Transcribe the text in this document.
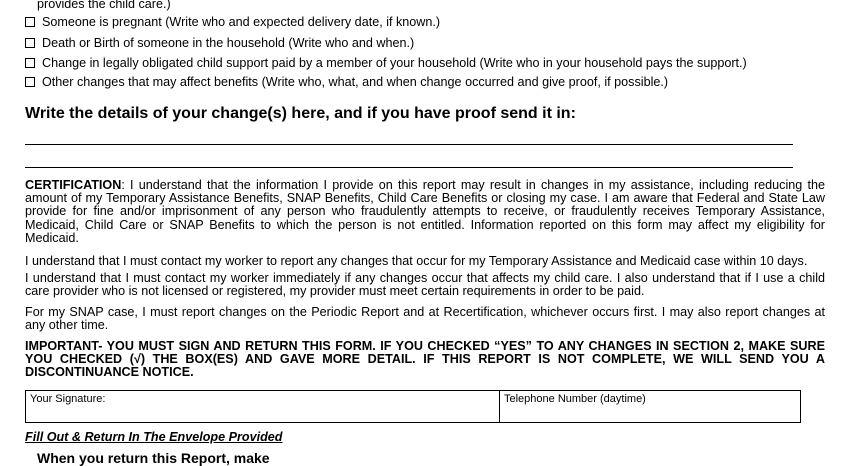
provides the child care.)
Someone is pregnant (Write who and expected delivery date, if known.)
Death or Birth of someone in the household (Write who and when.)
Change in legally obligated child support paid by a member of your household (Write who in your household pays the support.)
Other changes that may affect benefits (Write who, what, and when change occurred and give proof, if possible.)
Write the details of your change(s) here, and if you have proof send it in:
CERTIFICATION: I understand that the information I provide on this report may result in changes in my assistance, including reducing the amount of my Temporary Assistance Benefits, SNAP Benefits, Child Care Benefits or closing my case. I am aware that Federal and State Law provide for fine and/or imprisonment of any person who fraudulently attempts to receive, or fraudulently receives Temporary Assistance, Medicaid, Child Care or SNAP Benefits to which the person is not entitled. Information reported on this form may affect my eligibility for Medicaid.
I understand that I must contact my worker to report any changes that occur for my Temporary Assistance and Medicaid case within 10 days.
I understand that I must contact my worker immediately if any changes occur that affects my child care. I also understand that if I use a child care provider who is not licensed or registered, my provider must meet certain requirements in order to be paid.
For my SNAP case, I must report changes on the Periodic Report and at Recertification, whichever occurs first. I may also report changes at any other time.
IMPORTANT- YOU MUST SIGN AND RETURN THIS FORM. IF YOU CHECKED “YES” TO ANY CHANGES IN SECTION 2, MAKE SURE YOU CHECKED (√) THE BOX(ES) AND GAVE MORE DETAIL. IF THIS REPORT IS NOT COMPLETE, WE WILL SEND YOU A DISCONTINUANCE NOTICE.
Your Signature:	Telephone Number (daytime)
Fill Out & Return In The Envelope Provided
When you return this Report, make
